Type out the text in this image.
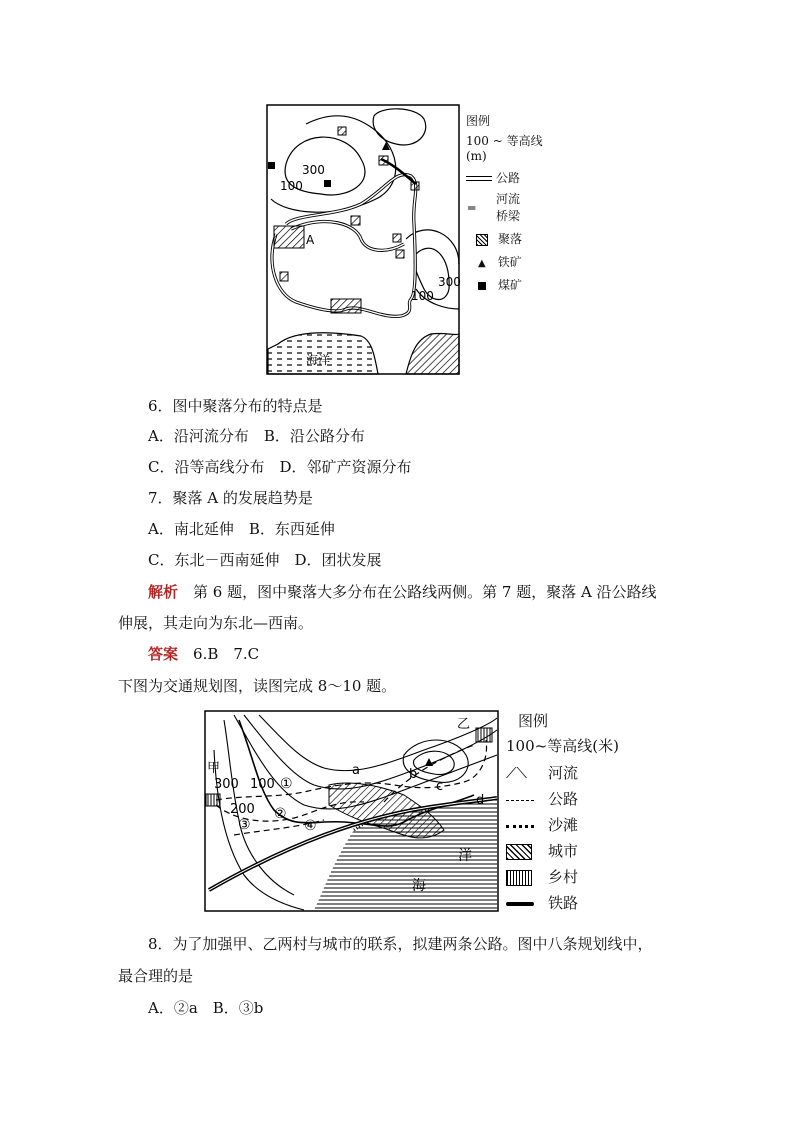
300
100
300
100
A
海洋
图例
100 ~ 等高线 (m)
公路
河流
═
桥梁
聚落
▲ 铁矿
煤矿
6．图中聚落分布的特点是
A．沿河流分布　 B．沿公路分布
C．沿等高线分布　 D．邻矿产资源分布
7．聚落 A 的发展趋势是
A．南北延伸　 B．东西延伸
C．东北－西南延伸　 D．团状发展
解析　 第 6 题，图中聚落大多分布在公路线两侧。第 7 题，聚落 A 沿公路线
伸展，其走向为东北—西南。
答案　 6.B　7.C
下图为交通规划图，读图完成 8～10 题。
甲
乙
300 100
200
①
②
③	④
a	b
c
d
洋
海
图例
100~等高线(米)
⟋⟍ 河流
公路
沙滩
城市
乡村
铁路
8．为了加强甲、乙两村与城市的联系，拟建两条公路。图中八条规划线中，
最合理的是
A．②a　B．③b
